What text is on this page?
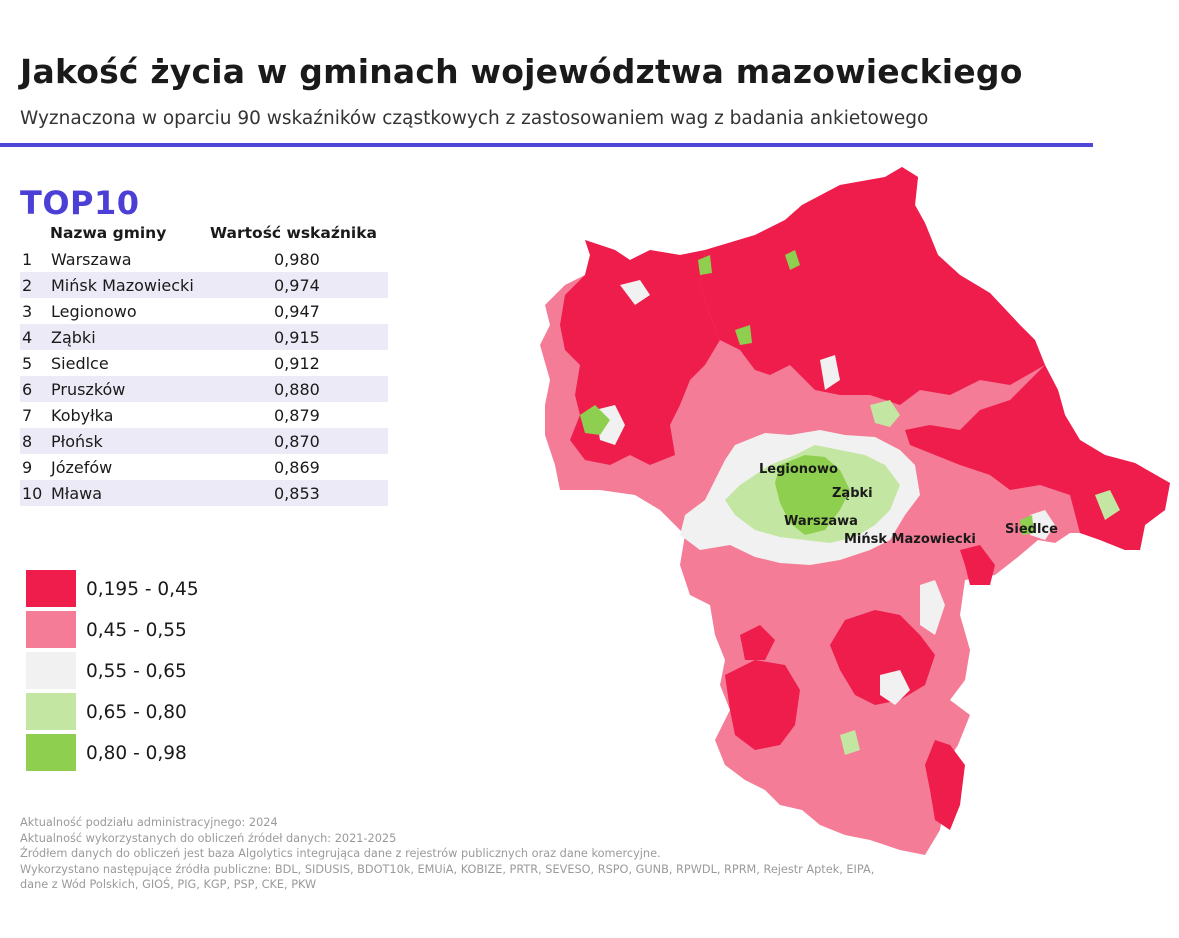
Jakość życia w gminach województwa mazowieckiego
Wyznaczona w oparciu 90 wskaźników cząstkowych z zastosowaniem wag z badania ankietowego
TOP10
Nazwa gminy	Wartość wskaźnika
1 Warszawa	0,980
2 Mińsk Mazowiecki	0,974
3 Legionowo	0,947
4 Ząbki	0,915
5 Siedlce	0,912
6 Pruszków	0,880
7 Kobyłka	0,879
8 Płońsk	0,870
9 Józefów	0,869
10 Mława	0,853
0,195 - 0,45
0,45 - 0,55
0,55 - 0,65
0,65 - 0,80
0,80 - 0,98
Aktualność podziału administracyjnego: 2024
Aktualność wykorzystanych do obliczeń źródeł danych: 2021-2025
Źródłem danych do obliczeń jest baza Algolytics integrująca dane z rejestrów publicznych oraz dane komercyjne.
Wykorzystano następujące źródła publiczne: BDL, SIDUSIS, BDOT10k, EMUiA, KOBIZE, PRTR, SEVESO, RSPO, GUNB, RPWDL, RPRM, Rejestr Aptek, EIPA,
dane z Wód Polskich, GIOŚ, PIG, KGP, PSP, CKE, PKW
Legionowo
Ząbki
Warszawa
Mińsk Mazowiecki
Siedlce
